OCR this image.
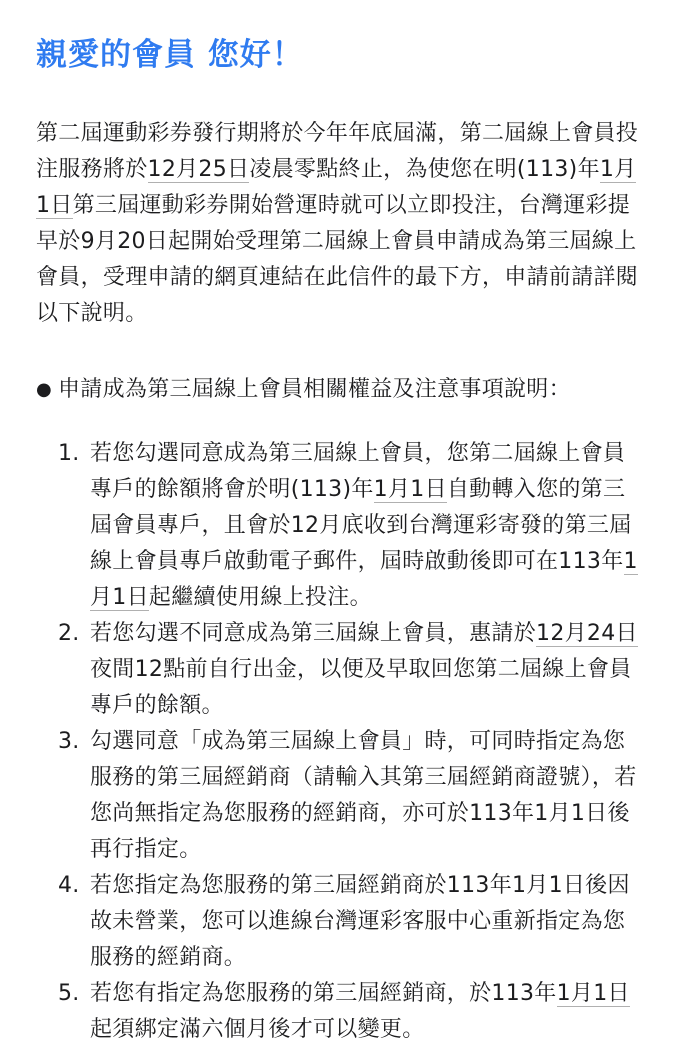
親愛的會員 您好！

第二屆運動彩券發行期將於今年年底屆滿，第二屆線上會員投注服務將於12月25日凌晨零點終止，為使您在明(113)年1月1日第三屆運動彩券開始營運時就可以立即投注，台灣運彩提早於9月20日起開始受理第二屆線上會員申請成為第三屆線上會員，受理申請的網頁連結在此信件的最下方，申請前請詳閱以下說明。

● 申請成為第三屆線上會員相關權益及注意事項說明：
1. 若您勾選同意成為第三屆線上會員，您第二屆線上會員專戶的餘額將會於明(113)年1月1日自動轉入您的第三屆會員專戶，且會於12月底收到台灣運彩寄發的第三屆線上會員專戶啟動電子郵件，屆時啟動後即可在113年1月1日起繼續使用線上投注。
2. 若您勾選不同意成為第三屆線上會員，惠請於12月24日夜間12點前自行出金，以便及早取回您第二屆線上會員專戶的餘額。
3. 勾選同意「成為第三屆線上會員」時，可同時指定為您服務的第三屆經銷商（請輸入其第三屆經銷商證號），若您尚無指定為您服務的經銷商，亦可於113年1月1日後再行指定。
4. 若您指定為您服務的第三屆經銷商於113年1月1日後因故未營業，您可以進線台灣運彩客服中心重新指定為您服務的經銷商。
5. 若您有指定為您服務的第三屆經銷商，於113年1月1日起須綁定滿六個月後才可以變更。
